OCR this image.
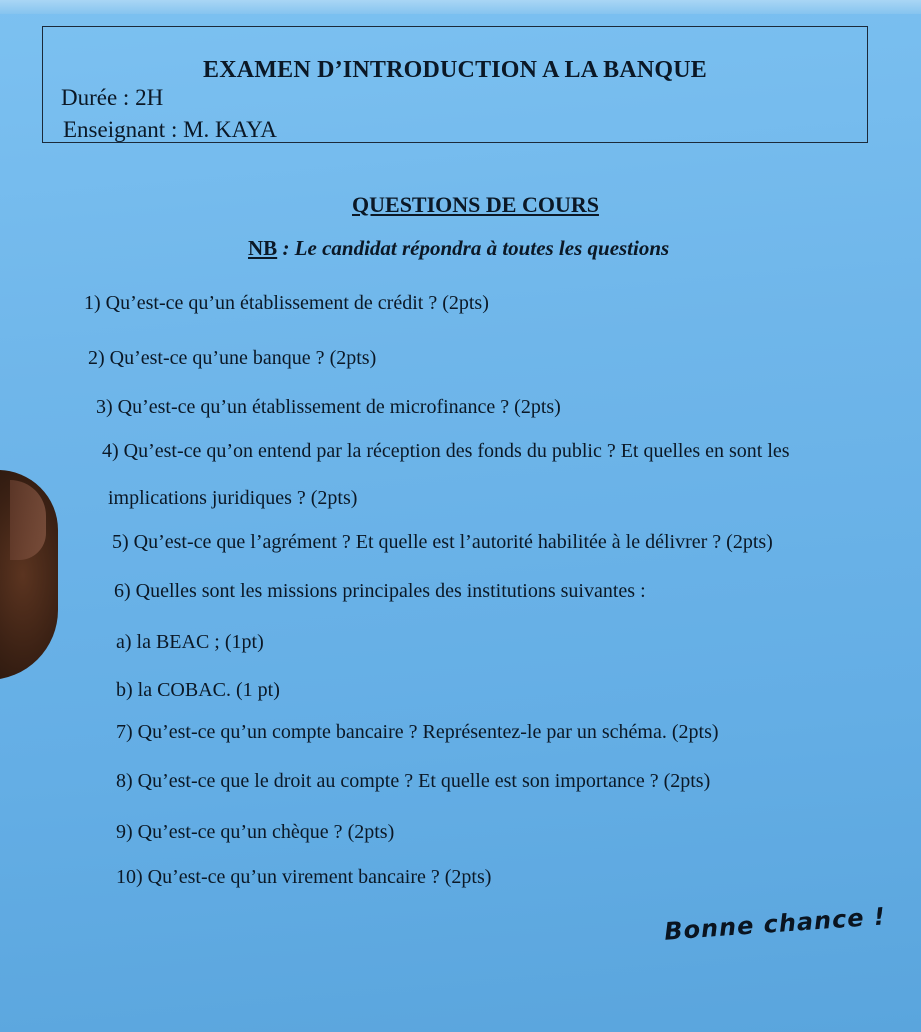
EXAMEN D’INTRODUCTION A LA BANQUE
Durée : 2H
Enseignant : M. KAYA
QUESTIONS DE COURS
NB : Le candidat répondra à toutes les questions
1) Qu’est-ce qu’un établissement de crédit ? (2pts)
2) Qu’est-ce qu’une banque ? (2pts)
3) Qu’est-ce qu’un établissement de microfinance ? (2pts)
4) Qu’est-ce qu’on entend par la réception des fonds du public ? Et quelles en sont les
implications juridiques ? (2pts)
5) Qu’est-ce que l’agrément ? Et quelle est l’autorité habilitée à le délivrer ? (2pts)
6) Quelles sont les missions principales des institutions suivantes :
a) la BEAC ; (1pt)
b) la COBAC. (1 pt)
7) Qu’est-ce qu’un compte bancaire ? Représentez-le par un schéma. (2pts)
8) Qu’est-ce que le droit au compte ? Et quelle est son importance ? (2pts)
9) Qu’est-ce qu’un chèque ? (2pts)
10) Qu’est-ce qu’un virement bancaire ? (2pts)
Bonne chance !
